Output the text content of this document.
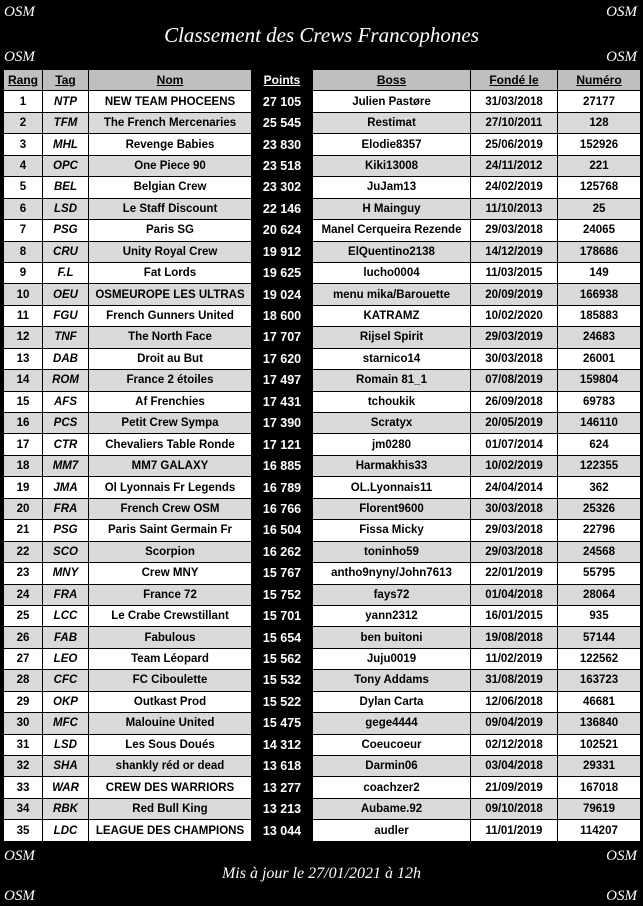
OSM	OSM
Classement des Crews Francophones
OSM	OSM
Rang	Tag	Nom	Points	Boss	Fondé le	Numéro
1	NTP	NEW TEAM PHOCEENS	27 105	Julien Pastøre	31/03/2018	27177
2	TFM	The French Mercenaries	25 545	Restimat	27/10/2011	128
3	MHL	Revenge Babies	23 830	Elodie8357	25/06/2019	152926
4	OPC	One Piece 90	23 518	Kiki13008	24/11/2012	221
5	BEL	Belgian Crew	23 302	JuJam13	24/02/2019	125768
6	LSD	Le Staff Discount	22 146	H Mainguy	11/10/2013	25
7	PSG	Paris SG	20 624	Manel Cerqueira Rezende	29/03/2018	24065
8	CRU	Unity Royal Crew	19 912	ElQuentino2138	14/12/2019	178686
9	F.L	Fat Lords	19 625	lucho0004	11/03/2015	149
10	OEU	OSMEUROPE LES ULTRAS	19 024	menu mika/Barouette	20/09/2019	166938
11	FGU	French Gunners United	18 600	KATRAMZ	10/02/2020	185883
12	TNF	The North Face	17 707	Rijsel Spirit	29/03/2019	24683
13	DAB	Droit au But	17 620	starnico14	30/03/2018	26001
14	ROM	France 2 étoiles	17 497	Romain 81_1	07/08/2019	159804
15	AFS	Af Frenchies	17 431	tchoukik	26/09/2018	69783
16	PCS	Petit Crew Sympa	17 390	Scratyx	20/05/2019	146110
17	CTR	Chevaliers Table Ronde	17 121	jm0280	01/07/2014	624
18	MM7	MM7 GALAXY	16 885	Harmakhis33	10/02/2019	122355
19	JMA	Ol Lyonnais Fr Legends	16 789	OL.Lyonnais11	24/04/2014	362
20	FRA	French Crew OSM	16 766	Florent9600	30/03/2018	25326
21	PSG	Paris Saint Germain Fr	16 504	Fissa Micky	29/03/2018	22796
22	SCO	Scorpion	16 262	toninho59	29/03/2018	24568
23	MNY	Crew MNY	15 767	antho9nyny/John7613	22/01/2019	55795
24	FRA	France 72	15 752	fays72	01/04/2018	28064
25	LCC	Le Crabe Crewstillant	15 701	yann2312	16/01/2015	935
26	FAB	Fabulous	15 654	ben buitoni	19/08/2018	57144
27	LEO	Team Léopard	15 562	Juju0019	11/02/2019	122562
28	CFC	FC Ciboulette	15 532	Tony Addams	31/08/2019	163723
29	OKP	Outkast Prod	15 522	Dylan Carta	12/06/2018	46681
30	MFC	Malouine United	15 475	gege4444	09/04/2019	136840
31	LSD	Les Sous Doués	14 312	Coeucoeur	02/12/2018	102521
32	SHA	shankly réd or dead	13 618	Darmin06	03/04/2018	29331
33	WAR	CREW DES WARRIORS	13 277	coachzer2	21/09/2019	167018
34	RBK	Red Bull King	13 213	Aubame.92	09/10/2018	79619
35	LDC	LEAGUE DES CHAMPIONS	13 044	audler	11/01/2019	114207
OSM	OSM
Mis à jour le 27/01/2021 à 12h
OSM	OSM
